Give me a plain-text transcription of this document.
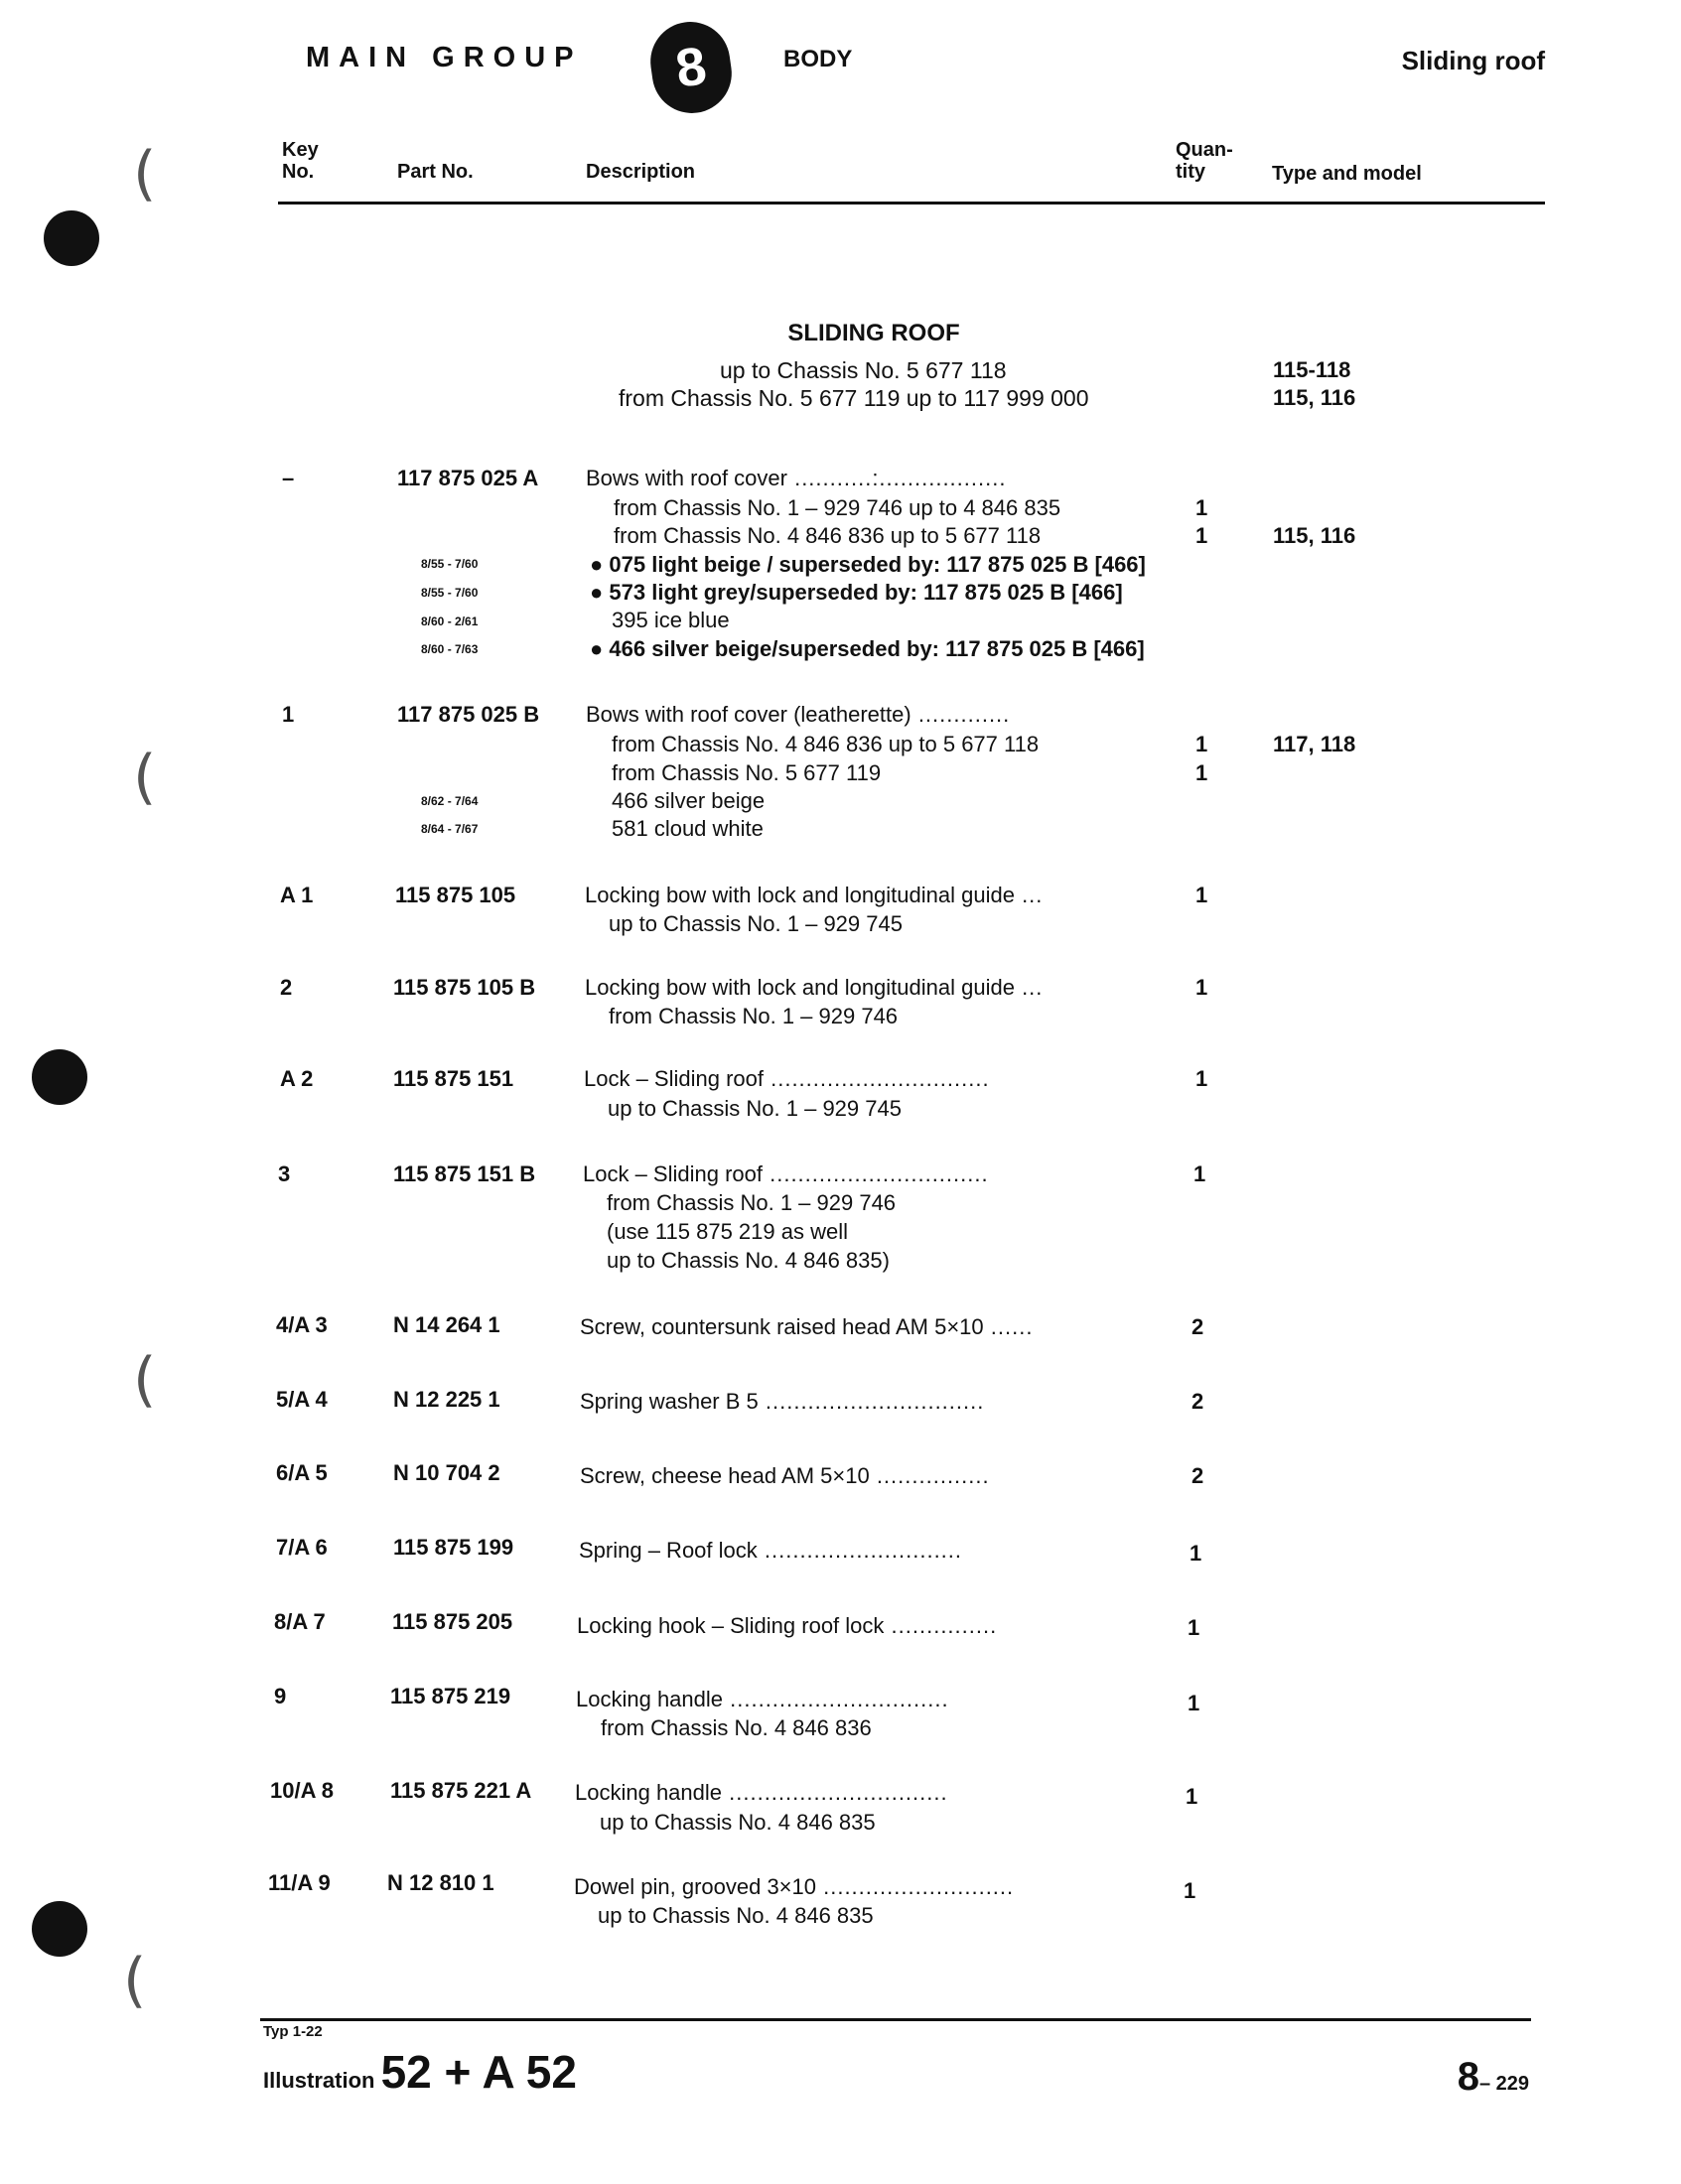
(
(
(
(
MAIN GROUP 8	BODY	Sliding roof
Key No.	Part No.	Description
Quan- tity	Type and model
SLIDING ROOF
up to Chassis No. 5 677 118	115-118
from Chassis No. 5 677 119 up to 117 999 000	115, 116
–	117 875 025 A Bows with roof cover ...........:..................
from Chassis No. 1 – 929 746 up to 4 846 835	1
from Chassis No. 4 846 836 up to 5 677 118	1	115, 116
8/55 - 7/60	● 075 light beige / superseded by: 117 875 025 B [466]
8/55 - 7/60	● 573 light grey/superseded by: 117 875 025 B [466]
8/60 - 2/61	395 ice blue
8/60 - 7/63	● 466 silver beige/superseded by: 117 875 025 B [466]
1	117 875 025 B Bows with roof cover (leatherette) .............
from Chassis No. 4 846 836 up to 5 677 118	1	117, 118
from Chassis No. 5 677 119	1
8/62 - 7/64	466 silver beige
8/64 - 7/67	581 cloud white
A 1	115 875 105	Locking bow with lock and longitudinal guide ...	1
up to Chassis No. 1 – 929 745
2	115 875 105 B Locking bow with lock and longitudinal guide ...	1
from Chassis No. 1 – 929 746
A 2	115 875 151	Lock – Sliding roof ...............................	1
up to Chassis No. 1 – 929 745
3	115 875 151 B Lock – Sliding roof ...............................	1
from Chassis No. 1 – 929 746
(use 115 875 219 as well
up to Chassis No. 4 846 835)
4/A 3	N 14 264 1	Screw, countersunk raised head AM 5×10 ......	2
5/A 4	N 12 225 1	Spring washer B 5 ...............................	2
6/A 5	N 10 704 2	Screw, cheese head AM 5×10 ................	2
7/A 6	115 875 199	Spring – Roof lock ............................	1
8/A 7	115 875 205	Locking hook – Sliding roof lock ...............	1
9	115 875 219	Locking handle ...............................	1
from Chassis No. 4 846 836
10/A 8	115 875 221 A Locking handle ...............................	1
up to Chassis No. 4 846 835
11/A 9	N 12 810 1	Dowel pin, grooved 3×10 ...........................	1
up to Chassis No. 4 846 835
Typ 1-22
Illustration 52 + A 52	8– 229
